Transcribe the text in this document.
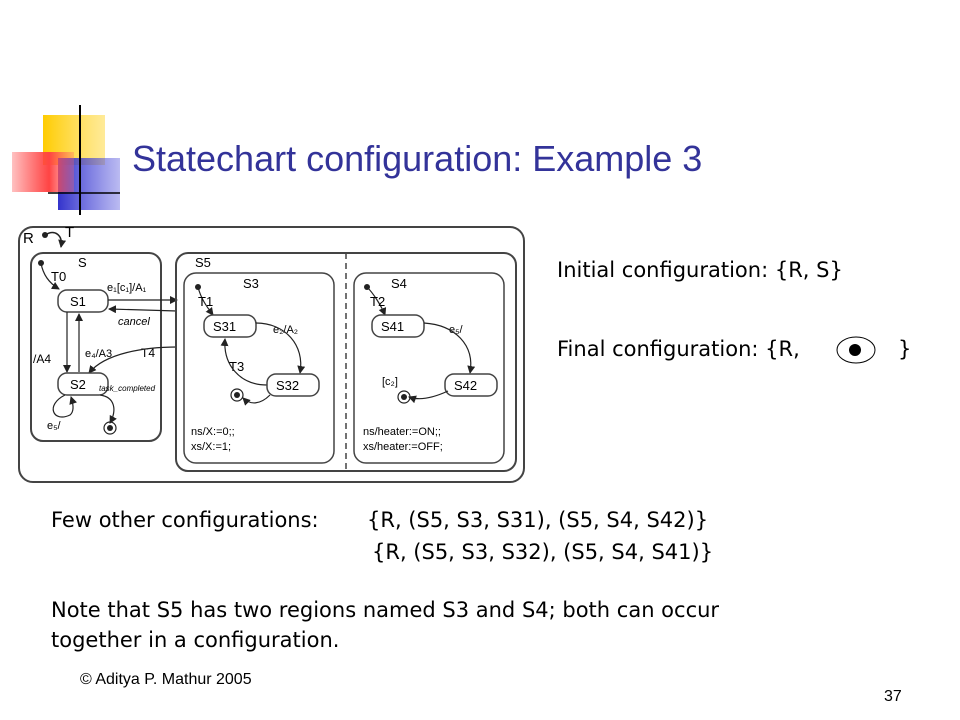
Statechart configuration: Example 3
R T
S
T0
S1
e₁[c₁]/A₁
cancel
/A4	e₄/A3 T4
S2 task_completed
e₅/
S5
S3
T1
S31	e₂/A₂
T3
S32
ns/X:=0;;
xs/X:=1;
S4
T2
S41	e₅/
S42
[c₂]
ns/heater:=ON;;
xs/heater:=OFF;
Initial configuration: {R, S}
Final configuration: {R,	}
Few other configurations: {R, (S5, S3, S31), (S5, S4, S42)}
{R, (S5, S3, S32), (S5, S4, S41)}
Note that S5 has two regions named S3 and S4; both can occur
together in a configuration.
© Aditya P. Mathur 2005
37
